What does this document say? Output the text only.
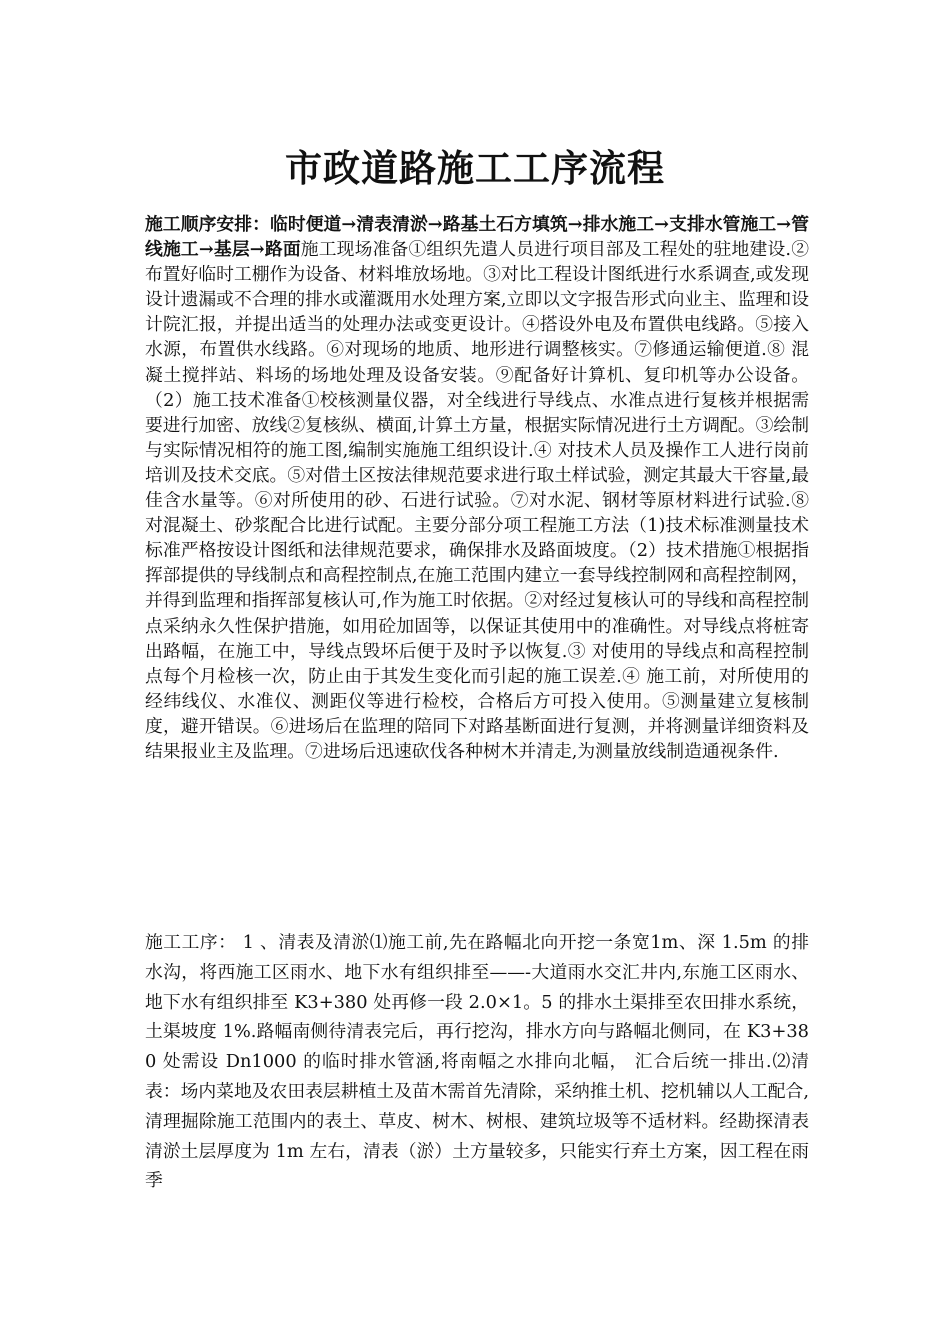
市政道路施工工序流程

施工顺序安排：临时便道→清表清淤→路基土石方填筑→排水施工→支排水管施工→管线施工→基层→路面施工现场准备①组织先遣人员进行项目部及工程处的驻地建设.② 布置好临时工棚作为设备、材料堆放场地。③对比工程设计图纸进行水系调查,或发现设计遗漏或不合理的排水或灌溉用水处理方案,立即以文字报告形式向业主、监理和设计院汇报，并提出适当的处理办法或变更设计。④搭设外电及布置供电线路。⑤接入水源，布置供水线路。⑥对现场的地质、地形进行调整核实。⑦修通运输便道.⑧ 混凝土搅拌站、料场的场地处理及设备安装。⑨配备好计算机、复印机等办公设备。（2）施工技术准备①校核测量仪器，对全线进行导线点、水准点进行复核并根据需要进行加密、放线②复核纵、横面,计算土方量，根据实际情况进行土方调配。③绘制与实际情况相符的施工图,编制实施施工组织设计.④ 对技术人员及操作工人进行岗前培训及技术交底。⑤对借土区按法律规范要求进行取土样试验，测定其最大干容量,最佳含水量等。⑥对所使用的砂、石进行试验。⑦对水泥、钢材等原材料进行试验.⑧ 对混凝土、砂浆配合比进行试配。主要分部分项工程施工方法（1)技术标准测量技术标准严格按设计图纸和法律规范要求，确保排水及路面坡度。（2）技术措施①根据指挥部提供的导线制点和高程控制点,在施工范围内建立一套导线控制网和高程控制网，并得到监理和指挥部复核认可,作为施工时依据。②对经过复核认可的导线和高程控制点采纳永久性保护措施，如用砼加固等，以保证其使用中的准确性。对导线点将桩寄出路幅，在施工中，导线点毁坏后便于及时予以恢复.③ 对使用的导线点和高程控制点每个月检核一次，防止由于其发生变化而引起的施工误差.④ 施工前，对所使用的经纬线仪、水准仪、测距仪等进行检校，合格后方可投入使用。⑤测量建立复核制度，避开错误。⑥进场后在监理的陪同下对路基断面进行复测，并将测量详细资料及结果报业主及监理。⑦进场后迅速砍伐各种树木并清走,为测量放线制造通视条件.

施工工序： 1 、清表及清淤⑴施工前,先在路幅北向开挖一条宽1m、深 1.5m 的排水沟，将西施工区雨水、地下水有组织排至——-大道雨水交汇井内,东施工区雨水、地下水有组织排至 K3+380 处再修一段 2.0×1。5 的排水土渠排至农田排水系统，土渠坡度 1%.路幅南侧待清表完后，再行挖沟，排水方向与路幅北侧同，在 K3+380 处需设 Dn1000 的临时排水管涵,将南幅之水排向北幅， 汇合后统一排出.⑵清表：场内菜地及农田表层耕植土及苗木需首先清除，采纳推土机、挖机辅以人工配合,清理掘除施工范围内的表土、草皮、树木、树根、建筑垃圾等不适材料。经勘探清表清淤土层厚度为 1m 左右，清表（淤）土方量较多，只能实行弃土方案，因工程在雨季
